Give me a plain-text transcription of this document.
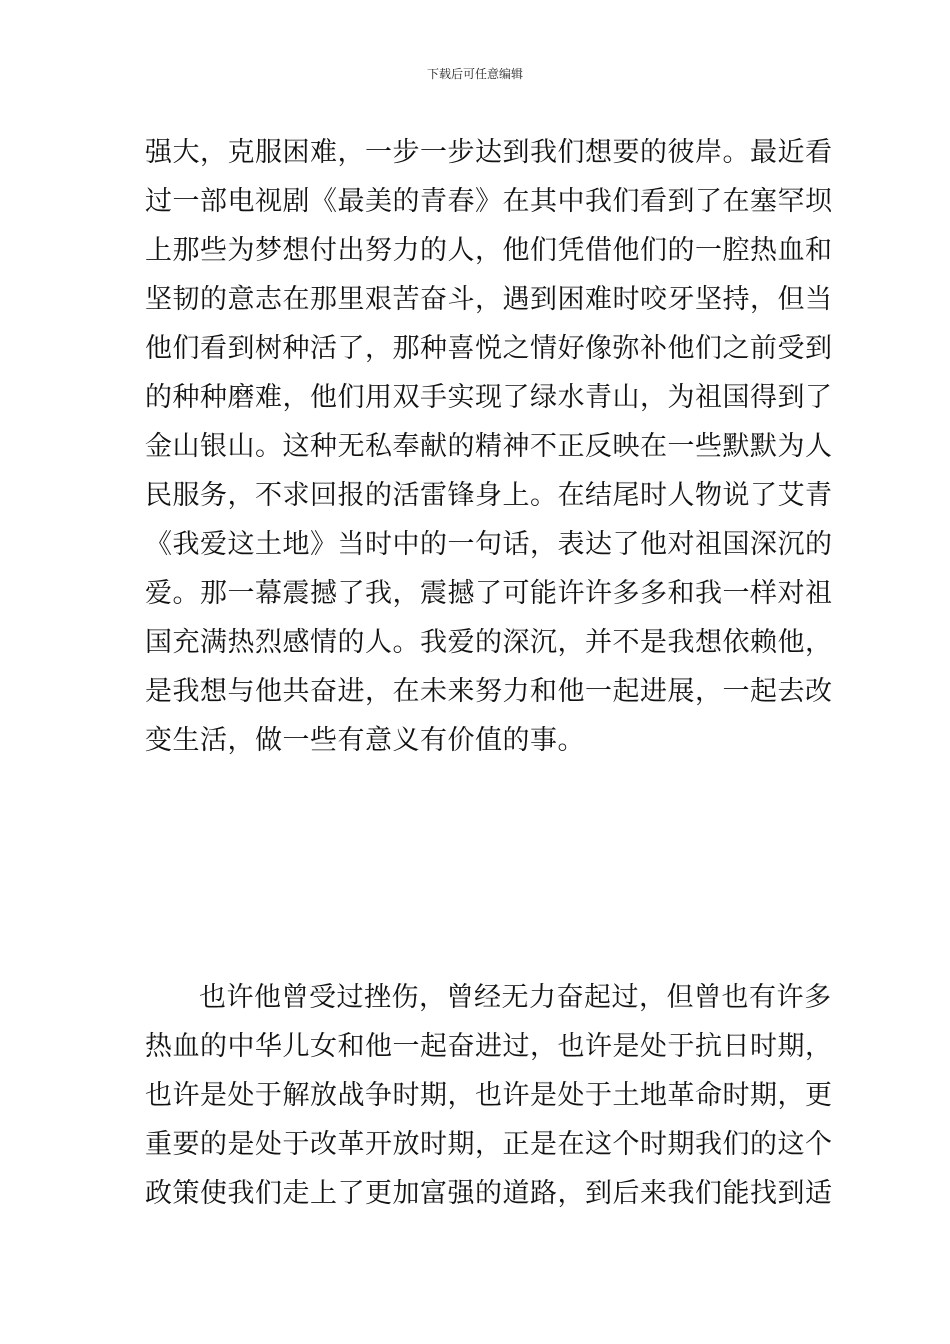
下载后可任意编辑
强大，克服困难，一步一步达到我们想要的彼岸。最近看
过一部电视剧《最美的青春》在其中我们看到了在塞罕坝
上那些为梦想付出努力的人，他们凭借他们的一腔热血和
坚韧的意志在那里艰苦奋斗，遇到困难时咬牙坚持，但当
他们看到树种活了，那种喜悦之情好像弥补他们之前受到
的种种磨难，他们用双手实现了绿水青山，为祖国得到了
金山银山。这种无私奉献的精神不正反映在一些默默为人
民服务，不求回报的活雷锋身上。在结尾时人物说了艾青
《我爱这土地》当时中的一句话，表达了他对祖国深沉的
爱。那一幕震撼了我，震撼了可能许许多多和我一样对祖
国充满热烈感情的人。我爱的深沉，并不是我想依赖他，
是我想与他共奋进，在未来努力和他一起进展，一起去改
变生活，做一些有意义有价值的事。
也许他曾受过挫伤，曾经无力奋起过，但曾也有许多
热血的中华儿女和他一起奋进过，也许是处于抗日时期，
也许是处于解放战争时期，也许是处于土地革命时期，更
重要的是处于改革开放时期，正是在这个时期我们的这个
政策使我们走上了更加富强的道路，到后来我们能找到适
